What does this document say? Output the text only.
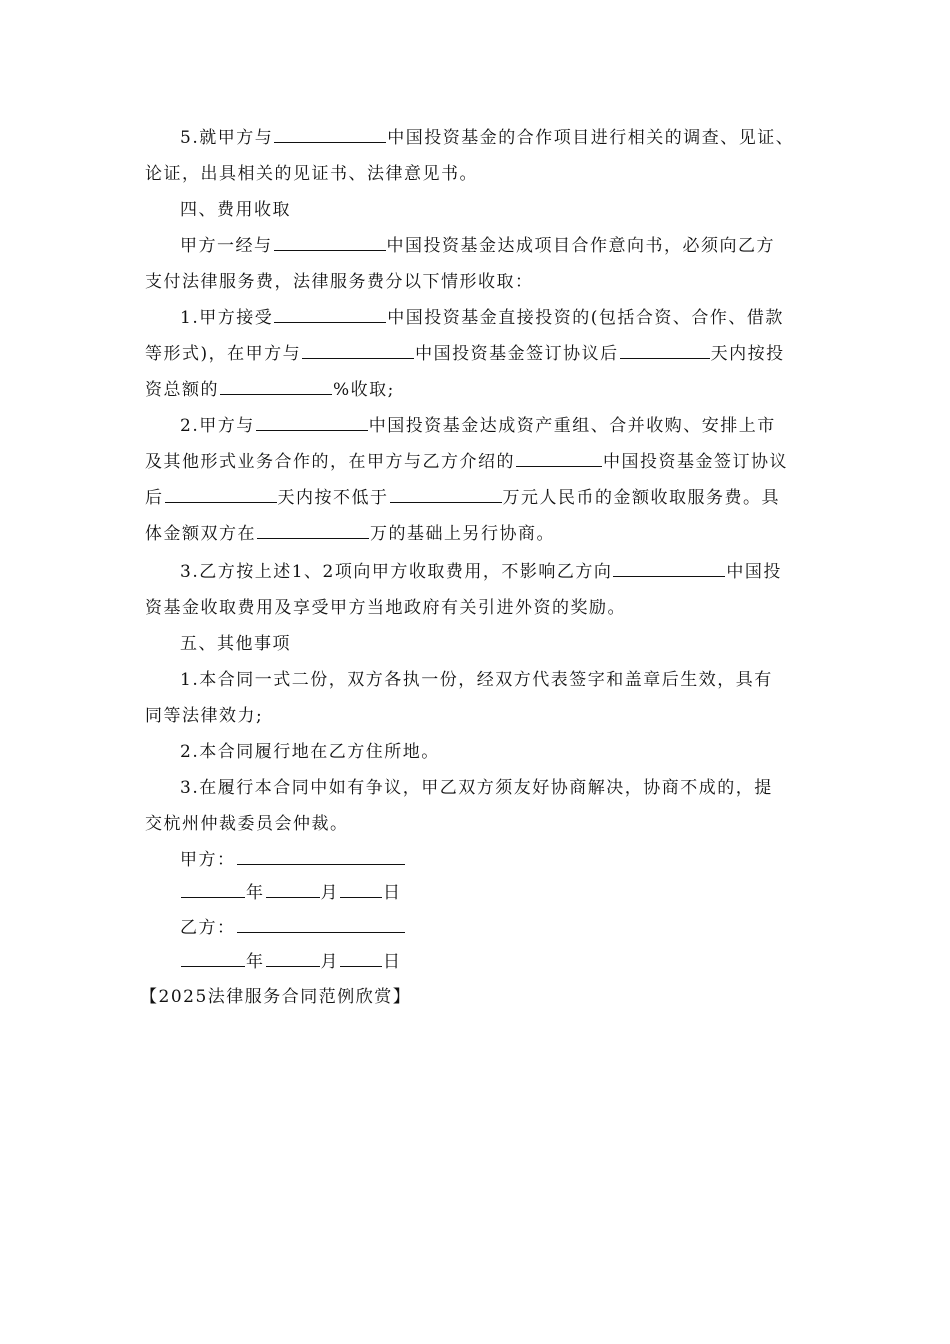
5.就甲方与	中国投资基金的合作项目进行相关的调查、见证、
论证，出具相关的见证书、法律意见书。
四、费用收取
甲方一经与	中国投资基金达成项目合作意向书，必须向乙方
支付法律服务费，法律服务费分以下情形收取：
1.甲方接受	中国投资基金直接投资的(包括合资、合作、借款
等形式)，在甲方与	中国投资基金签订协议后	天内按投
资总额的	%收取;
2.甲方与	中国投资基金达成资产重组、合并收购、安排上市
及其他形式业务合作的，在甲方与乙方介绍的	中国投资基金签订协议
后	天内按不低于	万元人民币的金额收取服务费。具
体金额双方在	万的基础上另行协商。
3.乙方按上述1、2项向甲方收取费用，不影响乙方向	中国投
资基金收取费用及享受甲方当地政府有关引进外资的奖励。
五、其他事项
1.本合同一式二份，双方各执一份，经双方代表签字和盖章后生效，具有
同等法律效力;
2.本合同履行地在乙方住所地。
3.在履行本合同中如有争议，甲乙双方须友好协商解决，协商不成的，提
交杭州仲裁委员会仲裁。
甲方：
年	月	日
乙方：
年	月	日
【2025法律服务合同范例欣赏】
